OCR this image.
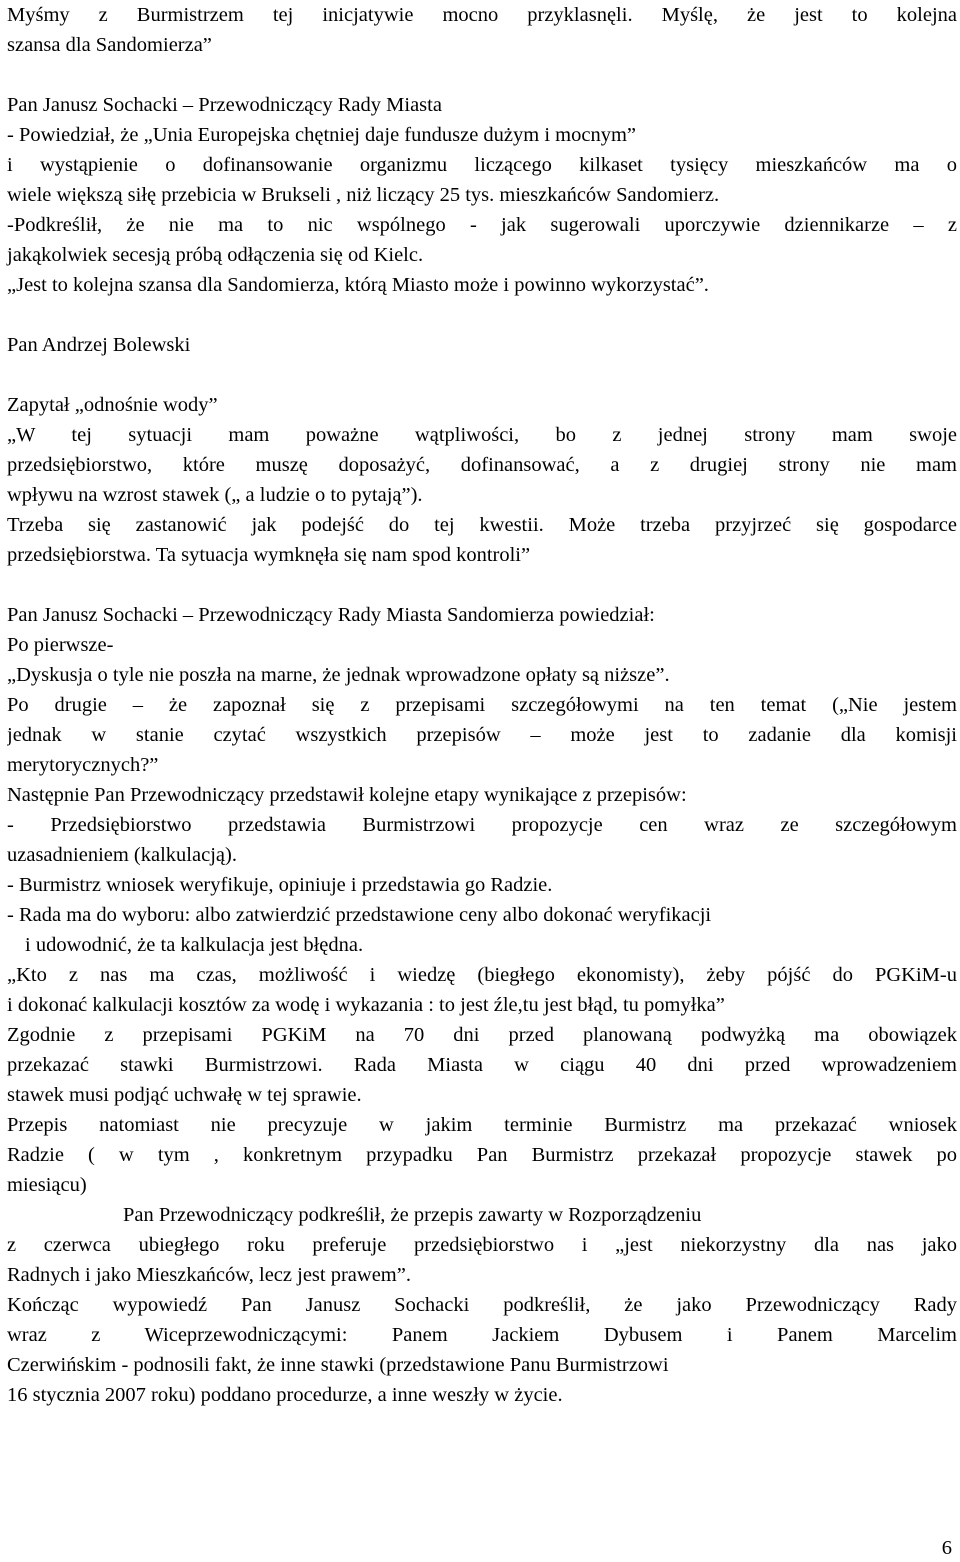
Myśmy z Burmistrzem tej inicjatywie mocno przyklasnęli. Myślę, że jest to kolejna
szansa dla Sandomierza”
Pan Janusz Sochacki – Przewodniczący Rady Miasta
- Powiedział, że „Unia Europejska chętniej daje fundusze dużym i mocnym”
i wystąpienie o dofinansowanie organizmu liczącego kilkaset tysięcy mieszkańców ma o
wiele większą siłę przebicia w Brukseli , niż liczący 25 tys. mieszkańców Sandomierz.
-Podkreślił, że nie ma to nic wspólnego - jak sugerowali uporczywie dziennikarze – z
jakąkolwiek secesją próbą odłączenia się od Kielc.
„Jest to kolejna szansa dla Sandomierza, którą Miasto może i powinno wykorzystać”.
Pan Andrzej Bolewski
Zapytał „odnośnie wody”
„W tej sytuacji mam poważne wątpliwości, bo z jednej strony mam swoje
przedsiębiorstwo, które muszę doposażyć, dofinansować, a z drugiej strony nie mam
wpływu na wzrost stawek („ a ludzie o to pytają”).
Trzeba się zastanowić jak podejść do tej kwestii. Może trzeba przyjrzeć się gospodarce
przedsiębiorstwa. Ta sytuacja wymknęła się nam spod kontroli”
Pan Janusz Sochacki – Przewodniczący Rady Miasta Sandomierza powiedział:
Po pierwsze-
„Dyskusja o tyle nie poszła na marne, że jednak wprowadzone opłaty są niższe”.
Po drugie – że zapoznał się z przepisami szczegółowymi na ten temat („Nie jestem
jednak w stanie czytać wszystkich przepisów – może jest to zadanie dla komisji
merytorycznych?”
Następnie Pan Przewodniczący przedstawił kolejne etapy wynikające z przepisów:
- Przedsiębiorstwo przedstawia Burmistrzowi propozycje cen wraz ze szczegółowym
uzasadnieniem (kalkulacją).
- Burmistrz wniosek weryfikuje, opiniuje i przedstawia go Radzie.
- Rada ma do wyboru: albo zatwierdzić przedstawione ceny albo dokonać weryfikacji
i udowodnić, że ta kalkulacja jest błędna.
„Kto z nas ma czas, możliwość i wiedzę (biegłego ekonomisty), żeby pójść do PGKiM-u
i dokonać kalkulacji kosztów za wodę i wykazania : to jest źle,tu jest błąd, tu pomyłka”
Zgodnie z przepisami PGKiM na 70 dni przed planowaną podwyżką ma obowiązek
przekazać stawki Burmistrzowi. Rada Miasta w ciągu 40 dni przed wprowadzeniem
stawek musi podjąć uchwałę w tej sprawie.
Przepis natomiast nie precyzuje w jakim terminie Burmistrz ma przekazać wniosek
Radzie ( w tym , konkretnym przypadku Pan Burmistrz przekazał propozycje stawek po
miesiącu)
Pan Przewodniczący podkreślił, że przepis zawarty w Rozporządzeniu
z czerwca ubiegłego roku preferuje przedsiębiorstwo i „jest niekorzystny dla nas jako
Radnych i jako Mieszkańców, lecz jest prawem”.
Kończąc wypowiedź Pan Janusz Sochacki podkreślił, że jako Przewodniczący Rady
wraz z Wiceprzewodniczącymi: Panem Jackiem Dybusem i Panem Marcelim
Czerwińskim - podnosili fakt, że inne stawki (przedstawione Panu Burmistrzowi
16 stycznia 2007 roku) poddano procedurze, a inne weszły w życie.
6
